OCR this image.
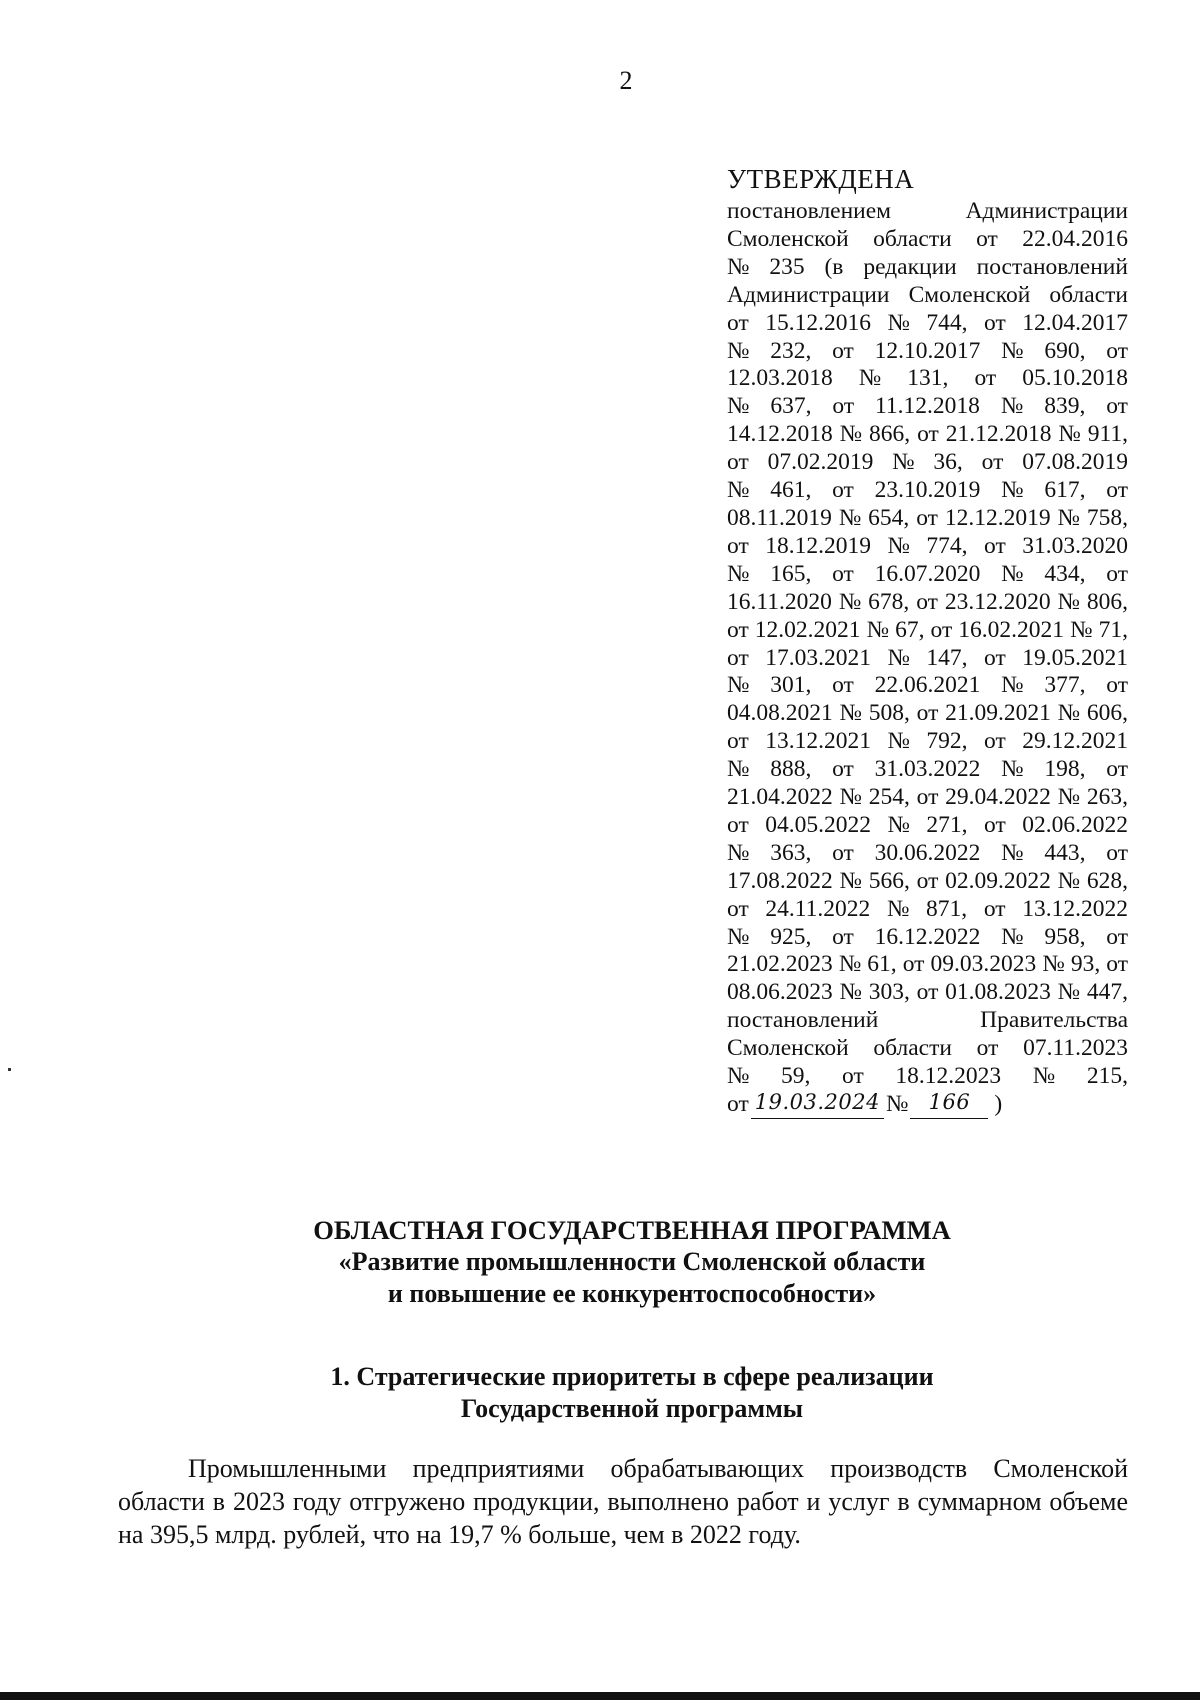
2
УТВЕРЖДЕНА
постановлением	Администрации
Смоленской области от 22.04.2016
№ 235 (в редакции постановлений
Администрации Смоленской области
от 15.12.2016 № 744, от 12.04.2017
№ 232, от 12.10.2017 № 690, от
12.03.2018 № 131, от 05.10.2018
№ 637, от 11.12.2018 № 839, от
14.12.2018 № 866, от 21.12.2018 № 911,
от 07.02.2019 № 36, от 07.08.2019
№ 461, от 23.10.2019 № 617, от
08.11.2019 № 654, от 12.12.2019 № 758,
от 18.12.2019 № 774, от 31.03.2020
№ 165, от 16.07.2020 № 434, от
16.11.2020 № 678, от 23.12.2020 № 806,
от 12.02.2021 № 67, от 16.02.2021 № 71,
от 17.03.2021 № 147, от 19.05.2021
№ 301, от 22.06.2021 № 377, от
04.08.2021 № 508, от 21.09.2021 № 606,
от 13.12.2021 № 792, от 29.12.2021
№ 888, от 31.03.2022 № 198, от
21.04.2022 № 254, от 29.04.2022 № 263,
от 04.05.2022 № 271, от 02.06.2022
№ 363, от 30.06.2022 № 443, от
17.08.2022 № 566, от 02.09.2022 № 628,
от 24.11.2022 № 871, от 13.12.2022
№ 925, от 16.12.2022 № 958, от
21.02.2023 № 61, от 09.03.2023 № 93, от
08.06.2023 № 303, от 01.08.2023 № 447,
постановлений	Правительства
Смоленской области от 07.11.2023
№ 59, от 18.12.2023 № 215,
от 19.03.2024 № 166	)
ОБЛАСТНАЯ ГОСУДАРСТВЕННАЯ ПРОГРАММА
«Развитие промышленности Смоленской области
и повышение ее конкурентоспособности»
1. Стратегические приоритеты в сфере реализации
Государственной программы
Промышленными предприятиями обрабатывающих производств Смоленской области в 2023 году отгружено продукции, выполнено работ и услуг в суммарном объеме на 395,5 млрд. рублей, что на 19,7 % больше, чем в 2022 году.
